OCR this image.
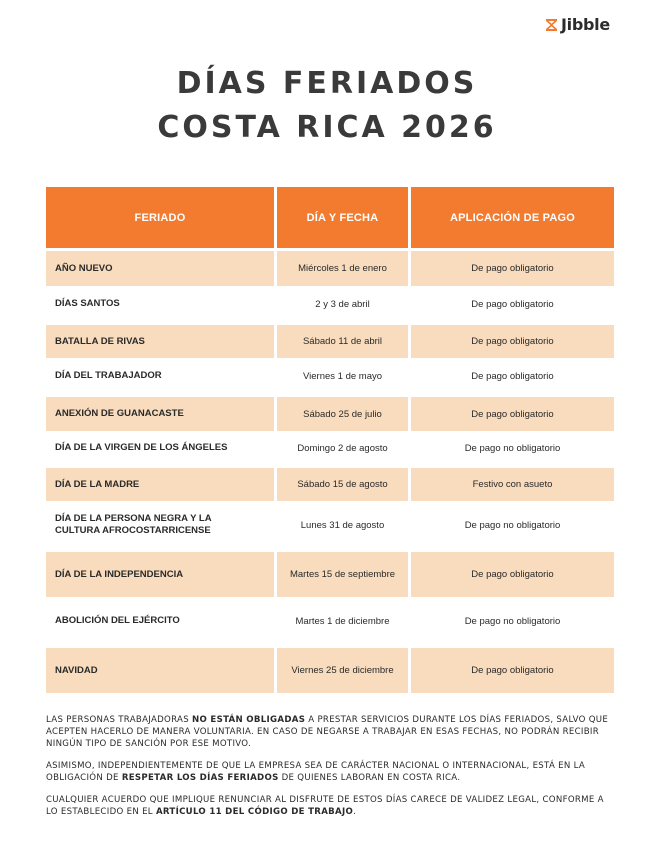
Jibble
DÍAS FERIADOS
COSTA RICA 2026
FERIADO	DÍA Y FECHA	APLICACIÓN DE PAGO
AÑO NUEVO	Miércoles 1 de enero	De pago obligatorio
DÍAS SANTOS	2 y 3 de abril	De pago obligatorio
BATALLA DE RIVAS	Sábado 11 de abril	De pago obligatorio
DÍA DEL TRABAJADOR	Viernes 1 de mayo	De pago obligatorio
ANEXIÓN DE GUANACASTE	Sábado 25 de julio	De pago obligatorio
DÍA DE LA VIRGEN DE LOS ÁNGELES	Domingo 2 de agosto	De pago no obligatorio
DÍA DE LA MADRE	Sábado 15 de agosto	Festivo con asueto
DÍA DE LA PERSONA NEGRA Y LA
CULTURA AFROCOSTARRICENSE	Lunes 31 de agosto	De pago no obligatorio
DÍA DE LA INDEPENDENCIA	Martes 15 de septiembre	De pago obligatorio
ABOLICIÓN DEL EJÉRCITO	Martes 1 de diciembre	De pago no obligatorio
NAVIDAD	Viernes 25 de diciembre	De pago obligatorio

LAS PERSONAS TRABAJADORAS NO ESTÁN OBLIGADAS A PRESTAR SERVICIOS DURANTE LOS DÍAS FERIADOS, SALVO QUE ACEPTEN HACERLO DE MANERA VOLUNTARIA. EN CASO DE NEGARSE A TRABAJAR EN ESAS FECHAS, NO PODRÁN RECIBIR NINGÚN TIPO DE SANCIÓN POR ESE MOTIVO.

ASIMISMO, INDEPENDIENTEMENTE DE QUE LA EMPRESA SEA DE CARÁCTER NACIONAL O INTERNACIONAL, ESTÁ EN LA OBLIGACIÓN DE RESPETAR LOS DÍAS FERIADOS DE QUIENES LABORAN EN COSTA RICA.

CUALQUIER ACUERDO QUE IMPLIQUE RENUNCIAR AL DISFRUTE DE ESTOS DÍAS CARECE DE VALIDEZ LEGAL, CONFORME A LO ESTABLECIDO EN EL ARTÍCULO 11 DEL CÓDIGO DE TRABAJO.
